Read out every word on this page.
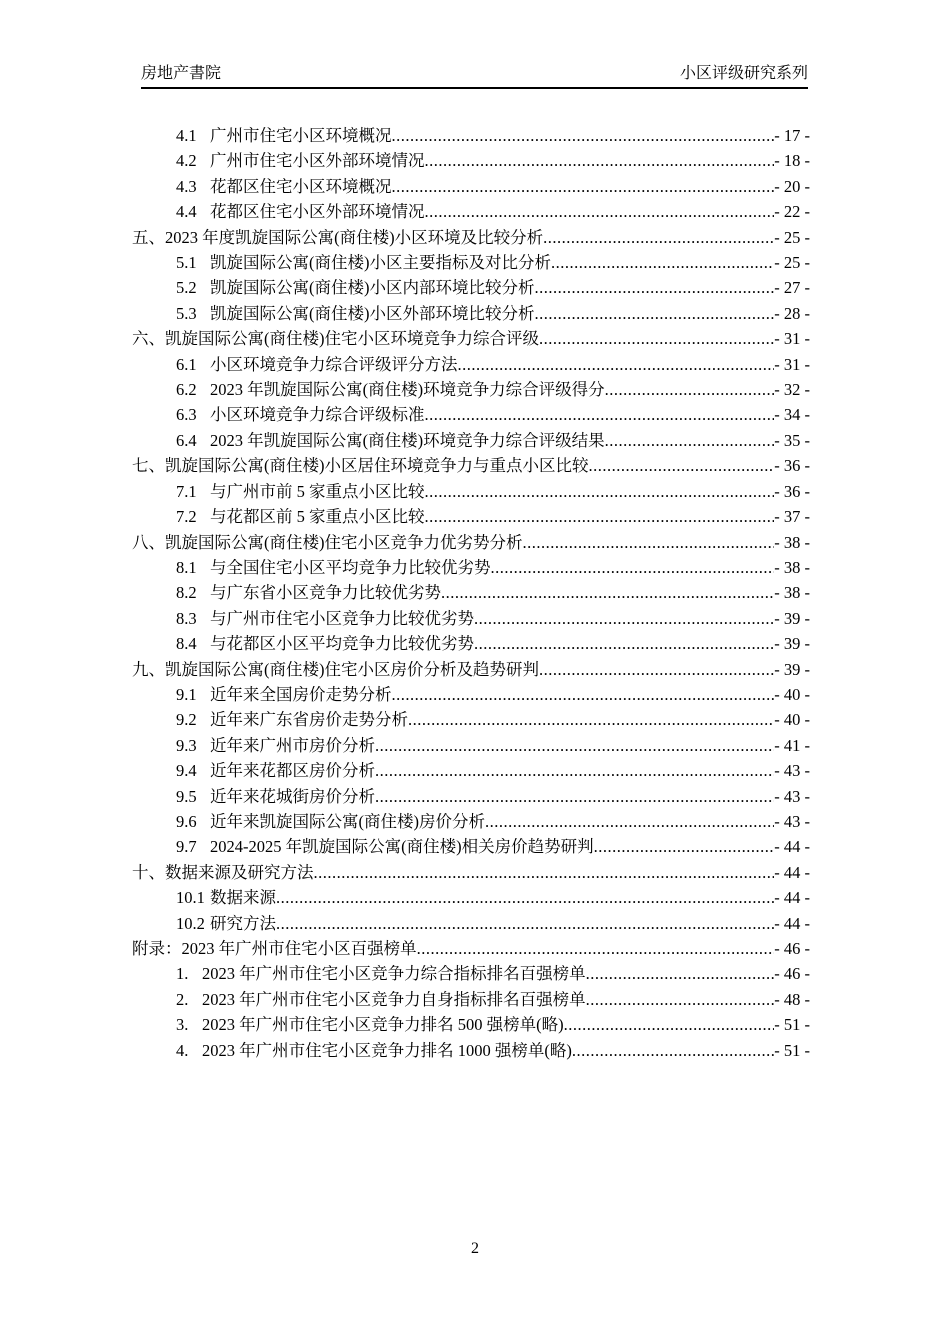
房地产書院	小区评级研究系列
4.1 广州市住宅小区环境概况 .....	- 17 -
4.2 广州市住宅小区外部环境情况 .....	- 18 -
4.3 花都区住宅小区环境概况 .....	- 20 -
4.4 花都区住宅小区外部环境情况 .....	- 22 -
五、 2023 年度凯旋国际公寓(商住楼)小区环境及比较分析 .....	- 25 -
5.1 凯旋国际公寓(商住楼)小区主要指标及对比分析 .....	- 25 -
5.2 凯旋国际公寓(商住楼)小区内部环境比较分析 .....	- 27 -
5.3 凯旋国际公寓(商住楼)小区外部环境比较分析 .....	- 28 -
六、 凯旋国际公寓(商住楼)住宅小区环境竞争力综合评级 .....	- 31 -
6.1 小区环境竞争力综合评级评分方法 .....	- 31 -
6.2 2023 年凯旋国际公寓(商住楼)环境竞争力综合评级得分 .....	- 32 -
6.3 小区环境竞争力综合评级标准 .....	- 34 -
6.4 2023 年凯旋国际公寓(商住楼)环境竞争力综合评级结果 .....	- 35 -
七、 凯旋国际公寓(商住楼)小区居住环境竞争力与重点小区比较 .....	- 36 -
7.1 与广州市前 5 家重点小区比较 .....	- 36 -
7.2 与花都区前 5 家重点小区比较 .....	- 37 -
八、 凯旋国际公寓(商住楼)住宅小区竞争力优劣势分析 .....	- 38 -
8.1 与全国住宅小区平均竞争力比较优劣势 .....	- 38 -
8.2 与广东省小区竞争力比较优劣势 .....	- 38 -
8.3 与广州市住宅小区竞争力比较优劣势 .....	- 39 -
8.4 与花都区小区平均竞争力比较优劣势 .....	- 39 -
九、 凯旋国际公寓(商住楼)住宅小区房价分析及趋势研判 .....	- 39 -
9.1 近年来全国房价走势分析 .....	- 40 -
9.2 近年来广东省房价走势分析 .....	- 40 -
9.3 近年来广州市房价分析 .....	- 41 -
9.4 近年来花都区房价分析 .....	- 43 -
9.5 近年来花城街房价分析 .....	- 43 -
9.6 近年来凯旋国际公寓(商住楼)房价分析 .....	- 43 -
9.7 2024-2025 年凯旋国际公寓(商住楼)相关房价趋势研判 .....	- 44 -
十、 数据来源及研究方法 .....	- 44 -
10.1 数据来源 .....	- 44 -
10.2 研究方法 .....	- 44 -
附录： 2023 年广州市住宅小区百强榜单 .....	- 46 -
1. 2023 年广州市住宅小区竞争力综合指标排名百强榜单 .....	- 46 -
2. 2023 年广州市住宅小区竞争力自身指标排名百强榜单 .....	- 48 -
3. 2023 年广州市住宅小区竞争力排名 500 强榜单(略) .....	- 51 -
4. 2023 年广州市住宅小区竞争力排名 1000 强榜单(略) .....	- 51 -
2
